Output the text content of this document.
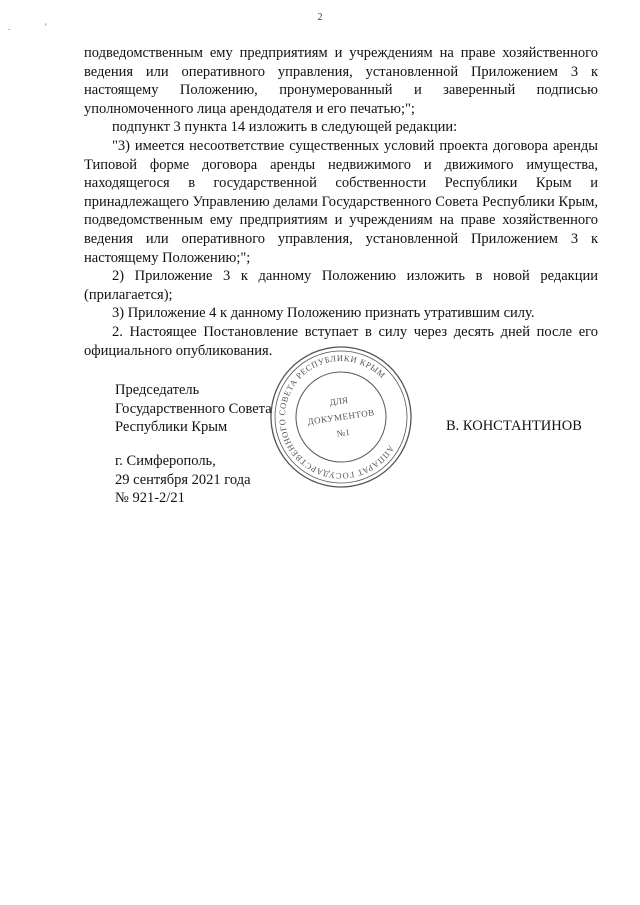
2
.	'

подведомственным ему предприятиям и учреждениям на праве хозяйственного ведения или оперативного управления, установленной Приложением 3 к настоящему Положению, пронумерованный и заверенный подписью уполномоченного лица арендодателя и его печатью;";

подпункт 3 пункта 14 изложить в следующей редакции:

"3) имеется несоответствие существенных условий проекта договора аренды Типовой форме договора аренды недвижимого и движимого имущества, находящегося в государственной собственности Республики Крым и принадлежащего Управлению делами Государственного Совета Республики Крым, подведомственным ему предприятиям и учреждениям на праве хозяйственного ведения или оперативного управления, установленной Приложением 3 к настоящему Положению;";

2) Приложение 3 к данному Положению изложить в новой редакции (прилагается);

3) Приложение 4 к данному Положению признать утратившим силу.

2. Настоящее Постановление вступает в силу через десять дней после его официального опубликования.

АППАРАТ ГОСУДАРСТВЕННОГО СОВЕТА РЕСПУБЛИКИ КРЫМ
ДЛЯ
ДОКУМЕНТОВ
№1
Председатель
Государственного Совета
Республики Крым	В. КОНСТАНТИНОВ
г. Симферополь,
29 сентября 2021 года
№ 921-2/21
